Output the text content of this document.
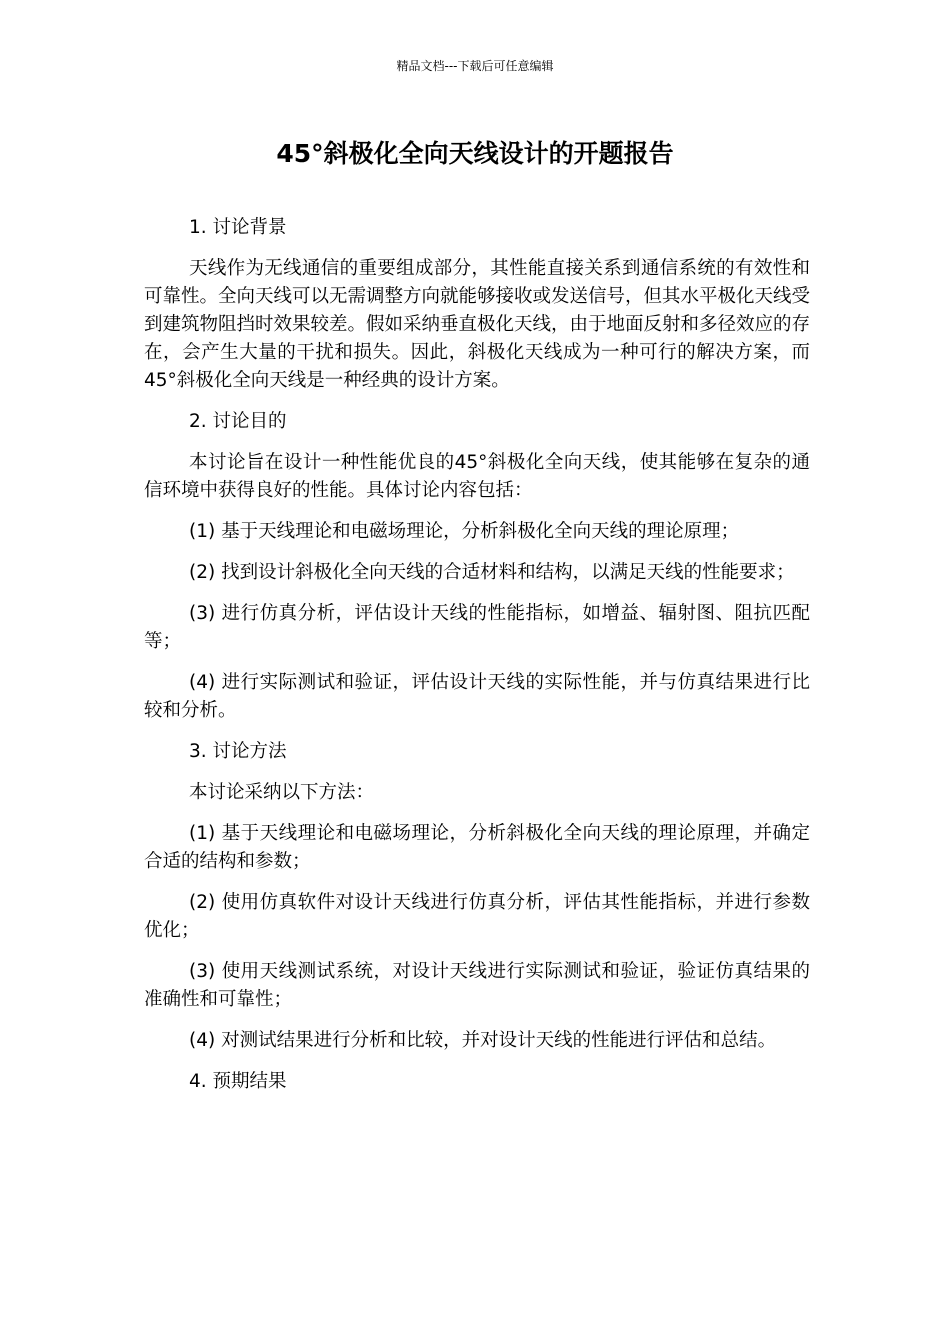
精品文档---下载后可任意编辑
45°斜极化全向天线设计的开题报告

1. 讨论背景

天线作为无线通信的重要组成部分，其性能直接关系到通信系统的有效性和可靠性。全向天线可以无需调整方向就能够接收或发送信号，但其水平极化天线受到建筑物阻挡时效果较差。假如采纳垂直极化天线，由于地面反射和多径效应的存在，会产生大量的干扰和损失。因此，斜极化天线成为一种可行的解决方案，而45°斜极化全向天线是一种经典的设计方案。

2. 讨论目的

本讨论旨在设计一种性能优良的45°斜极化全向天线，使其能够在复杂的通信环境中获得良好的性能。具体讨论内容包括：

(1) 基于天线理论和电磁场理论，分析斜极化全向天线的理论原理；

(2) 找到设计斜极化全向天线的合适材料和结构，以满足天线的性能要求；

(3) 进行仿真分析，评估设计天线的性能指标，如增益、辐射图、阻抗匹配等；

(4) 进行实际测试和验证，评估设计天线的实际性能，并与仿真结果进行比较和分析。

3. 讨论方法

本讨论采纳以下方法：

(1) 基于天线理论和电磁场理论，分析斜极化全向天线的理论原理，并确定合适的结构和参数；

(2) 使用仿真软件对设计天线进行仿真分析，评估其性能指标，并进行参数优化；

(3) 使用天线测试系统，对设计天线进行实际测试和验证，验证仿真结果的准确性和可靠性；

(4) 对测试结果进行分析和比较，并对设计天线的性能进行评估和总结。

4. 预期结果
